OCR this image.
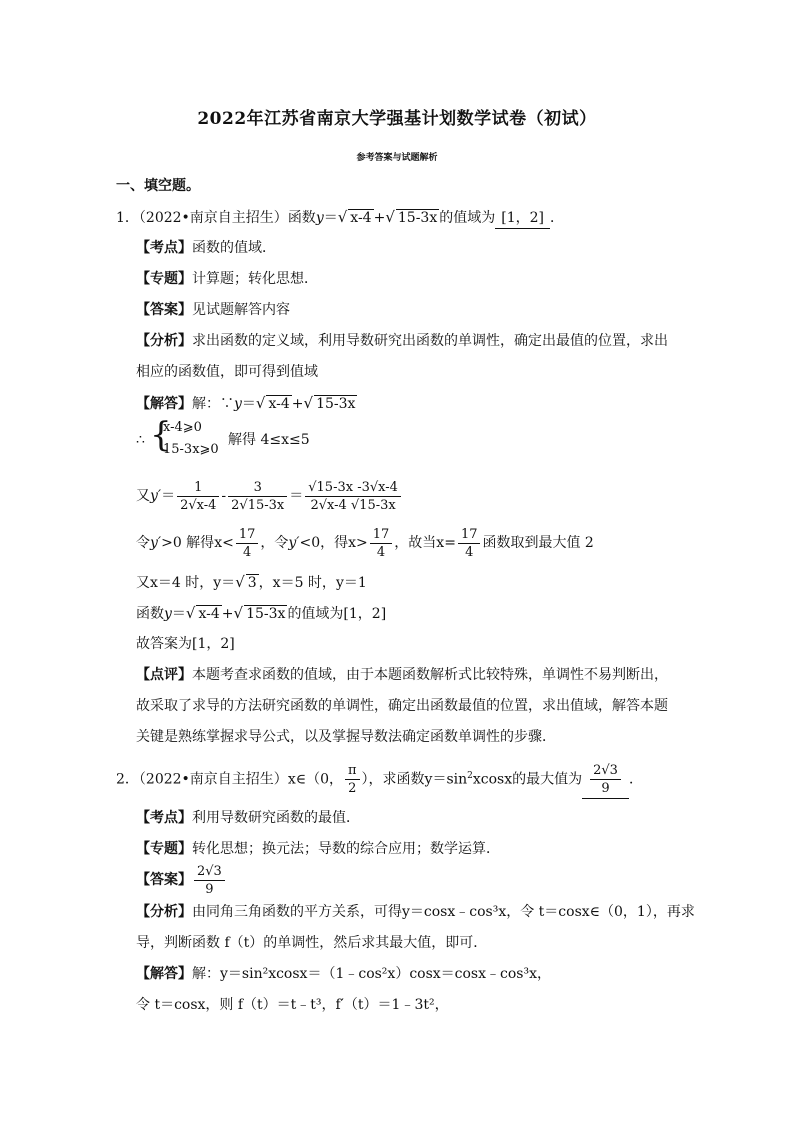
2022年江苏省南京大学强基计划数学试卷（初试）
参考答案与试题解析
一、填空题。
1．（2022•南京自主招生）函数y＝√ x-4 +√ 15-3x 的值域为 [1，2] ．
【考点】函数的值域．
【专题】计算题；转化思想．
【答案】见试题解答内容
【分析】求出函数的定义域，利用导数研究出函数的单调性，确定出最值的位置，求出
相应的函数值，即可得到值域
【解答】解：∵y＝√ x-4 +√ 15-3x
∴ {
x-4⩾0
15-3x⩾0
解得 4≤x≤5
又$y'= \frac{1}{2√x-4} - \frac{3}{2√15-3x} = \frac{√15-3x -3√x-4}{2√x-4 √15-3x}$
令y′>0 解得$x< \frac{17}{4}$ ，令y′<0，得$x> \frac{17}{4}$ ，故当$x= \frac{17}{4}$ 函数取到最大值 2
又x＝4 时，y＝√ 3 ，x＝5 时，y＝1
函数y＝√ x-4 +√ 15-3x 的值域为[1，2]
故答案为[1，2]
【点评】本题考查求函数的值域，由于本题函数解析式比较特殊，单调性不易判断出，
故采取了求导的方法研究函数的单调性，确定出函数最值的位置，求出值域，解答本题
关键是熟练掌握求导公式，以及掌握导数法确定函数单调性的步骤．
2．（2022•南京自主招生）x∈（0， $\frac{\pi}{2}$ ），求函数$y=\sin^2xcosx$的最大值为 $\frac{2√3}{9}$ ．
【考点】利用导数研究函数的最值．
【专题】转化思想；换元法；导数的综合应用；数学运算．
【答案】 $\frac{2√3}{9}$
【分析】由同角三角函数的平方关系，可得y＝cosx﹣cos³x，令 t＝cosx∈（0，1），再求
导，判断函数 f（t）的单调性，然后求其最大值，即可．
【解答】解：y＝sin²xcosx＝（1﹣cos²x）cosx＝cosx﹣cos³x，
令 t＝cosx，则 f（t）＝t﹣t³，f′（t）＝1﹣3t²，
